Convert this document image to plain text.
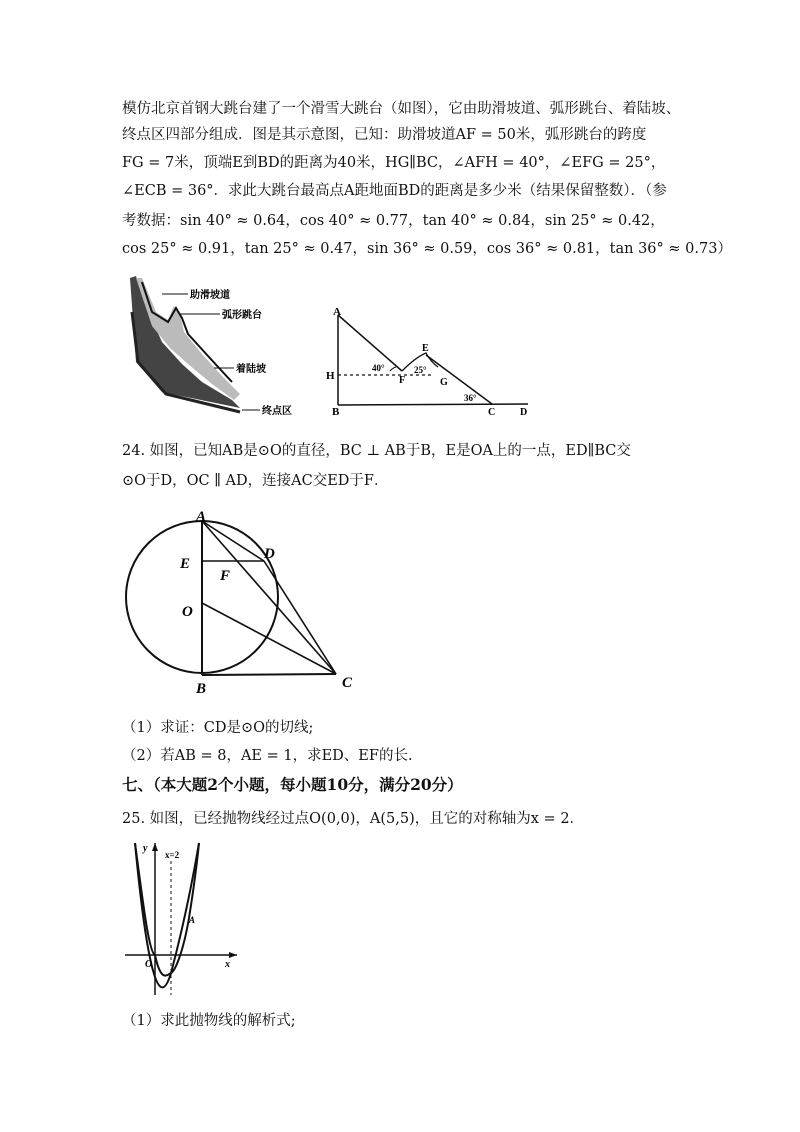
模仿北京首钢大跳台建了一个滑雪大跳台（如图），它由助滑坡道、弧形跳台、着陆坡、
终点区四部分组成．图是其示意图，已知：助滑坡道AF = 50米，弧形跳台的跨度
FG = 7米，顶端E到BD的距离为40米，HG∥BC，∠AFH = 40°，∠EFG = 25°，
∠ECB = 36°．求此大跳台最高点A距地面BD的距离是多少米（结果保留整数）．（参
考数据：sin 40° ≈ 0.64，cos 40° ≈ 0.77，tan 40° ≈ 0.84，sin 25° ≈ 0.42，
cos 25° ≈ 0.91，tan 25° ≈ 0.47，sin 36° ≈ 0.59，cos 36° ≈ 0.81，tan 36° ≈ 0.73）
助滑坡道
弧形跳台
着陆坡
终点区
A
H
B
F
E
G
C D
40°	25°
36°
24. 如图，已知AB是⊙O的直径，BC ⊥ AB于B，E是OA上的一点，ED∥BC交
⊙O于D，OC ∥ AD，连接AC交ED于F．
A
D
E
F
O
B	C
（1）求证：CD是⊙O的切线;
（2）若AB = 8，AE = 1，求ED、EF的长.
七、（本大题2个小题，每小题10分，满分20分）
25. 如图，已经抛物线经过点O(0,0)，A(5,5)，且它的对称轴为x = 2．
y
x
O
A
x=2
（1）求此抛物线的解析式;
